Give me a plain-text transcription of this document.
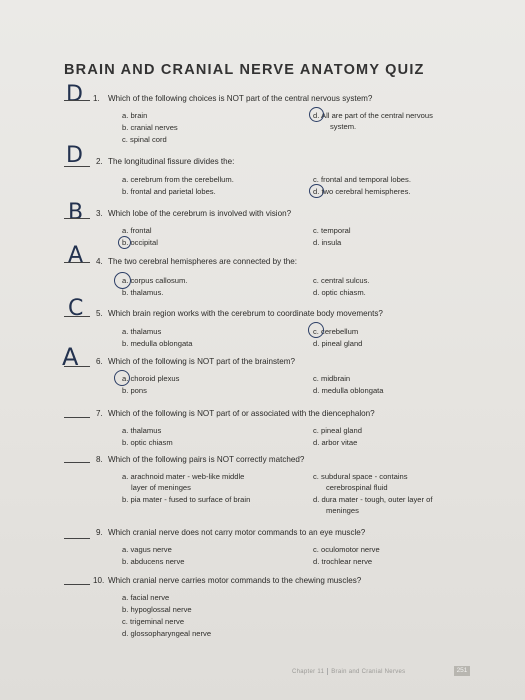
BRAIN AND CRANIAL NERVE ANATOMY QUIZ
D 1. Which of the following choices is NOT part of the central nervous system?
a. brain
b. cranial nerves
c. spinal cord
d. All are part of the central nervous
system.
D 2. The longitudinal fissure divides the:
a. cerebrum from the cerebellum.
b. frontal and parietal lobes.
c. frontal and temporal lobes.
d. two cerebral hemispheres.
B 3. Which lobe of the cerebrum is involved with vision?
a. frontal
b. occipital
c. temporal
d. insula
A 4. The two cerebral hemispheres are connected by the:
a. corpus callosum.
b. thalamus.
c. central sulcus.
d. optic chiasm.
C 5. Which brain region works with the cerebrum to coordinate body movements?
a. thalamus
b. medulla oblongata
c. cerebellum
d. pineal gland
A 6. Which of the following is NOT part of the brainstem?
a. choroid plexus
b. pons
c. midbrain
d. medulla oblongata
7. Which of the following is NOT part of or associated with the diencephalon?
a. thalamus
b. optic chiasm
c. pineal gland
d. arbor vitae
8. Which of the following pairs is NOT correctly matched?
a. arachnoid mater - web-like middle
layer of meninges
b. pia mater - fused to surface of brain
c. subdural space - contains
cerebrospinal fluid
d. dura mater - tough, outer layer of
meninges
9. Which cranial nerve does not carry motor commands to an eye muscle?
a. vagus nerve
b. abducens nerve
c. oculomotor nerve
d. trochlear nerve
10. Which cranial nerve carries motor commands to the chewing muscles?
a. facial nerve
b. hypoglossal nerve
c. trigeminal nerve
d. glossopharyngeal nerve
Chapter 11 Brain and Cranial Nerves	251
